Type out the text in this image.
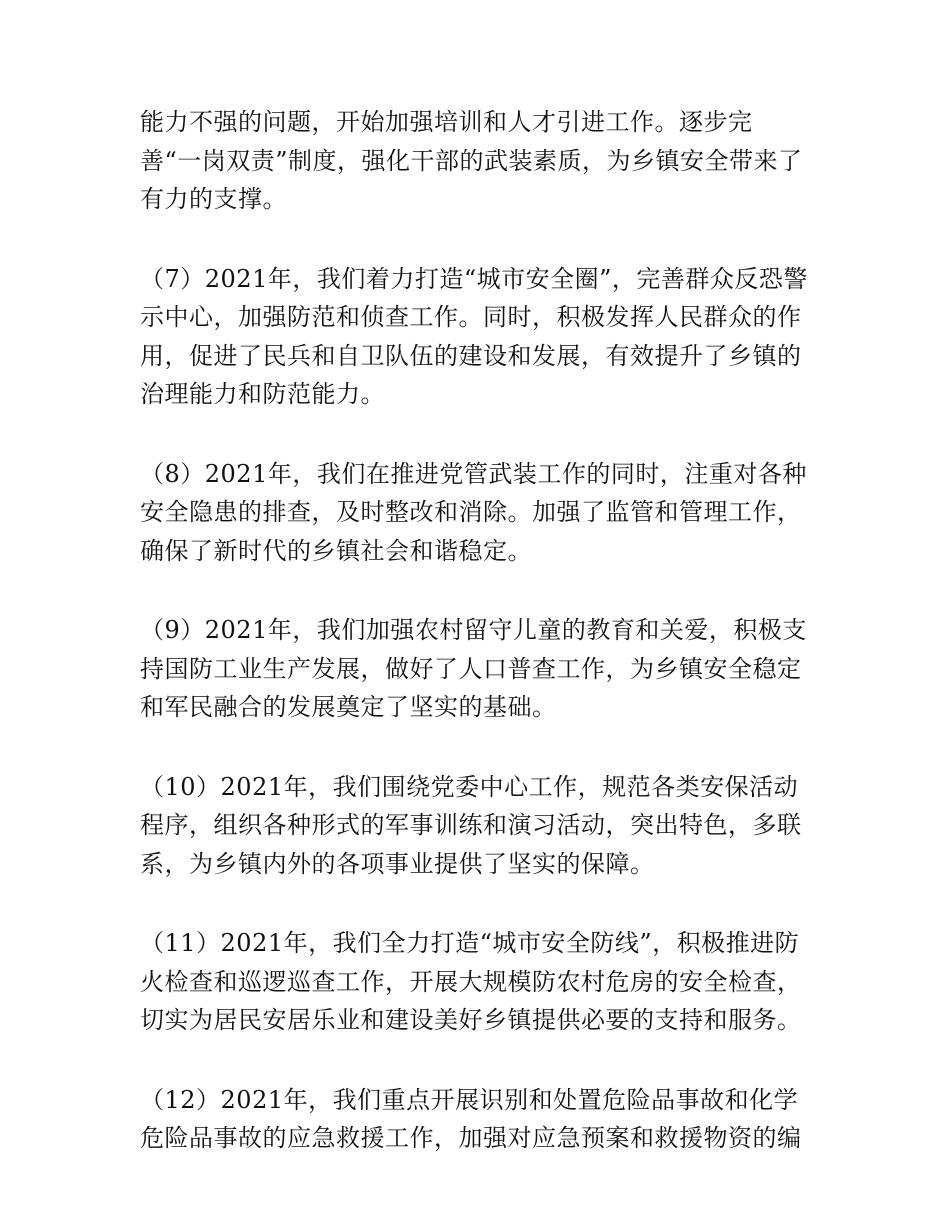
能力不强的问题，开始加强培训和人才引进工作。逐步完善“一岗双责”制度，强化干部的武装素质，为乡镇安全带来了有力的支撑。

（7）2021年，我们着力打造“城市安全圈”，完善群众反恐警示中心，加强防范和侦查工作。同时，积极发挥人民群众的作用，促进了民兵和自卫队伍的建设和发展，有效提升了乡镇的治理能力和防范能力。

（8）2021年，我们在推进党管武装工作的同时，注重对各种安全隐患的排查，及时整改和消除。加强了监管和管理工作，确保了新时代的乡镇社会和谐稳定。

（9）2021年，我们加强农村留守儿童的教育和关爱，积极支持国防工业生产发展，做好了人口普查工作，为乡镇安全稳定和军民融合的发展奠定了坚实的基础。

（10）2021年，我们围绕党委中心工作，规范各类安保活动程序，组织各种形式的军事训练和演习活动，突出特色，多联系，为乡镇内外的各项事业提供了坚实的保障。

（11）2021年，我们全力打造“城市安全防线”，积极推进防火检查和巡逻巡查工作，开展大规模防农村危房的安全检查，切实为居民安居乐业和建设美好乡镇提供必要的支持和服务。

（12）2021年，我们重点开展识别和处置危险品事故和化学危险品事故的应急救援工作，加强对应急预案和救援物资的编
